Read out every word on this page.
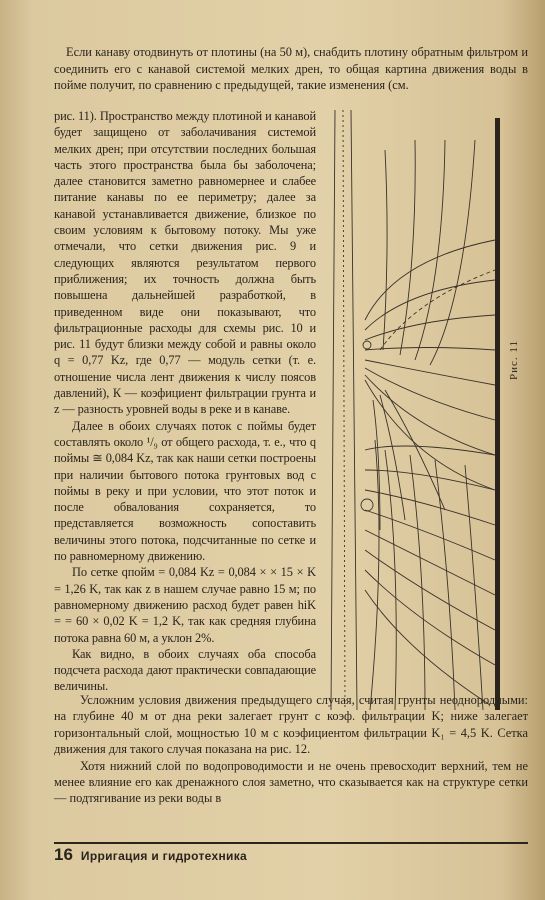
Если канаву отодвинуть от плотины (на 50 м), снабдить плотину обратным фильтром и соединить его с канавой системой мелких дрен, то общая картина движения воды в пойме получит, по сравнению с предыдущей, такие изменения (см.

рис. 11). Пространство между плотиной и канавой будет защищено от заболачивания системой мелких дрен; при отсутствии последних большая часть этого пространства была бы заболочена; далее становится заметно равномернее и слабее питание канавы по ее периметру; далее за канавой устанавливается движение, близкое по своим условиям к бытовому потоку. Мы уже отмечали, что сетки движения рис. 9 и следующих являются результатом первого приближения; их точность должна быть повышена дальнейшей разработкой, в приведенном виде они показывают, что фильтрационные расходы для схемы рис. 10 и рис. 11 будут близки между собой и равны около q = 0,77 Kz, где 0,77 — модуль сетки (т. е. отношение числа лент движения к числу поясов давлений), К — коэфициент фильтрации грунта и z — разность уровней воды в реке и в канаве.

Далее в обоих случаях поток с поймы будет составлять около ¹/₉ от общего расхода, т. е., что q поймы ≅ 0,084 Kz, так как наши сетки построены при наличии бытового потока грунтовых вод с поймы в реку и при условии, что этот поток и после обвалования сохраняется, то представляется возможность сопоставить величины этого потока, подсчитанные по сетке и по равномерному движению.

По сетке qпойм = 0,084 Kz = 0,084 × × 15 × K = 1,26 K, так как z в нашем случае равно 15 м; по равномерному движению расход будет равен hiK = = 60 × 0,02 K = 1,2 K, так как средняя глубина потока равна 60 м, а уклон 2%.

Как видно, в обоих случаях оба способа подсчета расхода дают практически совпадающие величины.

Рис. 11

Усложним условия движения предыдущего случая, считая грунты неоднородными: на глубине 40 м от дна реки залегает грунт с коэф. фильтрации K; ниже залегает горизонтальный слой, мощностью 10 м с коэфициентом фильтрации K₁ = 4,5 K. Сетка движения для такого случая показана на рис. 12.

Хотя нижний слой по водопроводимости и не очень превосходит верхний, тем не менее влияние его как дренажного слоя заметно, что сказывается как на структуре сетки — подтягивание из реки воды в

16 Ирригация и гидротехника
